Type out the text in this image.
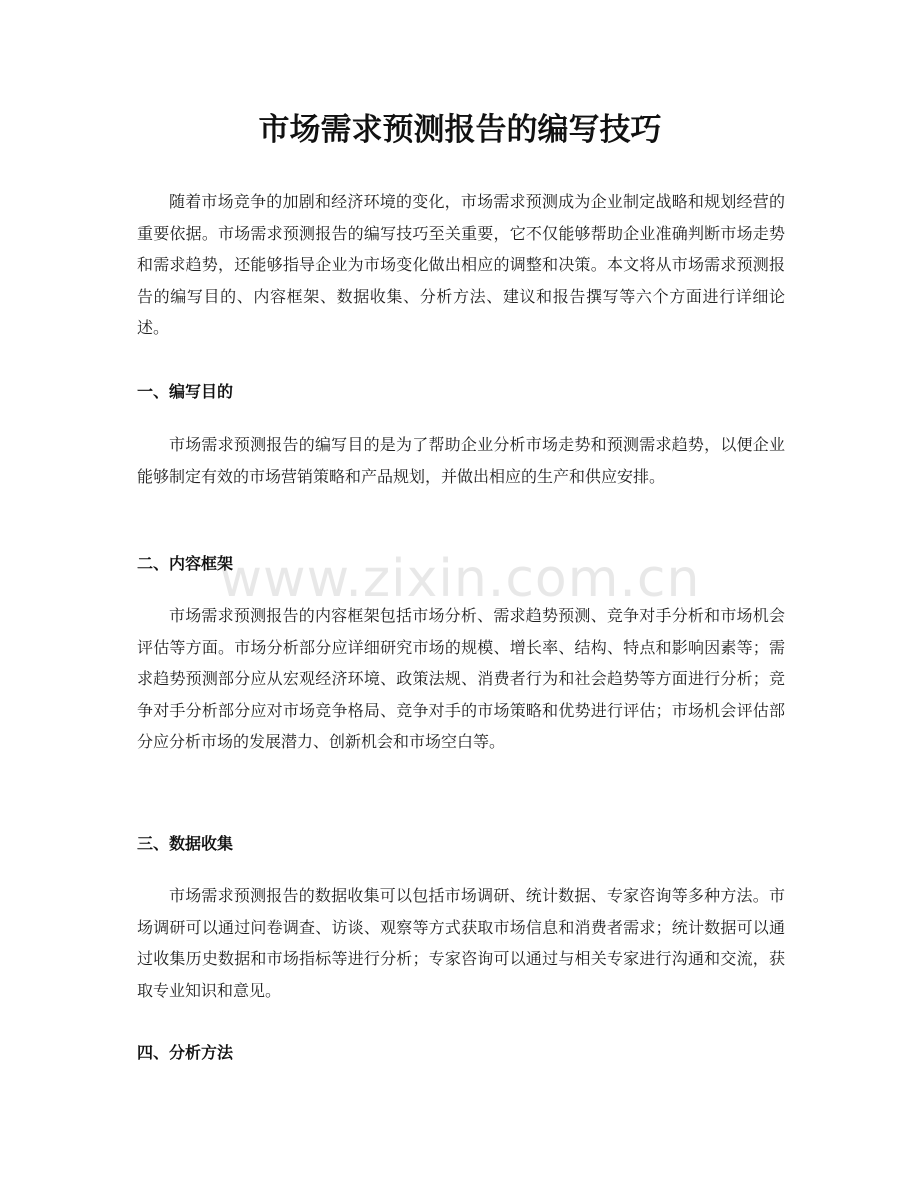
市场需求预测报告的编写技巧

随着市场竞争的加剧和经济环境的变化，市场需求预测成为企业制定战略和规划经营的重要依据。市场需求预测报告的编写技巧至关重要，它不仅能够帮助企业准确判断市场走势和需求趋势，还能够指导企业为市场变化做出相应的调整和决策。本文将从市场需求预测报告的编写目的、内容框架、数据收集、分析方法、建议和报告撰写等六个方面进行详细论述。

一、编写目的

市场需求预测报告的编写目的是为了帮助企业分析市场走势和预测需求趋势，以便企业能够制定有效的市场营销策略和产品规划，并做出相应的生产和供应安排。

二、内容框架

市场需求预测报告的内容框架包括市场分析、需求趋势预测、竞争对手分析和市场机会评估等方面。市场分析部分应详细研究市场的规模、增长率、结构、特点和影响因素等；需求趋势预测部分应从宏观经济环境、政策法规、消费者行为和社会趋势等方面进行分析；竞争对手分析部分应对市场竞争格局、竞争对手的市场策略和优势进行评估；市场机会评估部分应分析市场的发展潜力、创新机会和市场空白等。

三、数据收集

市场需求预测报告的数据收集可以包括市场调研、统计数据、专家咨询等多种方法。市场调研可以通过问卷调查、访谈、观察等方式获取市场信息和消费者需求；统计数据可以通过收集历史数据和市场指标等进行分析；专家咨询可以通过与相关专家进行沟通和交流，获取专业知识和意见。

四、分析方法
www.zixin.com.cn
